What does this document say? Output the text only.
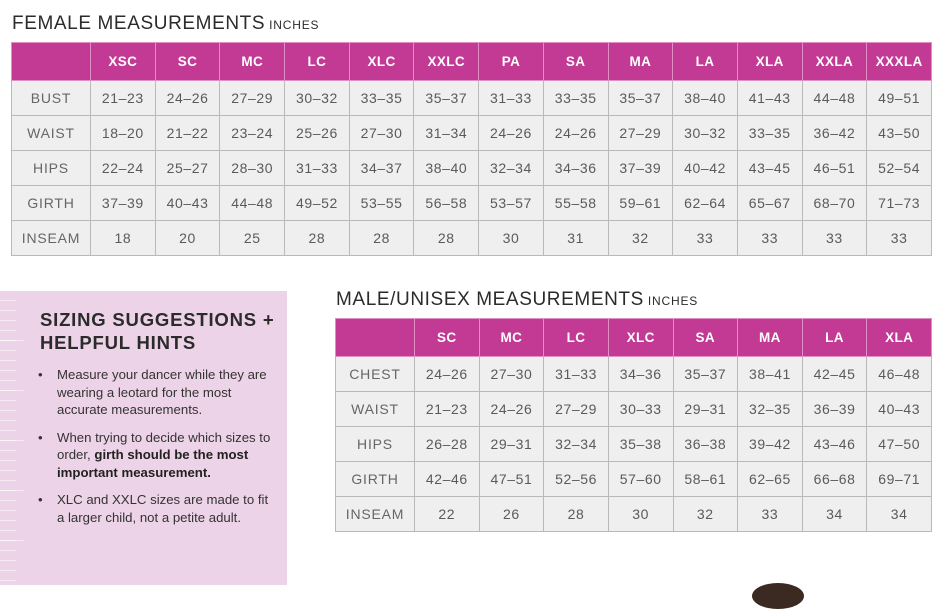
FEMALE MEASUREMENTS INCHES
	XSC	SC	MC	LC	XLC	XXLC	PA	SA	MA	LA	XLA	XXLA	XXXLA
BUST	21–23	24–26	27–29	30–32	33–35	35–37	31–33	33–35	35–37	38–40	41–43	44–48	49–51
WAIST	18–20	21–22	23–24	25–26	27–30	31–34	24–26	24–26	27–29	30–32	33–35	36–42	43–50
HIPS	22–24	25–27	28–30	31–33	34–37	38–40	32–34	34–36	37–39	40–42	43–45	46–51	52–54
GIRTH	37–39	40–43	44–48	49–52	53–55	56–58	53–57	55–58	59–61	62–64	65–67	68–70	71–73
INSEAM	18	20	25	28	28	28	30	31	32	33	33	33	33
SIZING SUGGESTIONS + HELPFUL HINTS
• Measure your dancer while they are wearing a leotard for the most accurate measurements.
• When trying to decide which sizes to order, girth should be the most important measurement.
• XLC and XXLC sizes are made to fit a larger child, not a petite adult.
MALE/UNISEX MEASUREMENTS INCHES
	SC	MC	LC	XLC	SA	MA	LA	XLA
CHEST	24–26	27–30	31–33	34–36	35–37	38–41	42–45	46–48
WAIST	21–23	24–26	27–29	30–33	29–31	32–35	36–39	40–43
HIPS	26–28	29–31	32–34	35–38	36–38	39–42	43–46	47–50
GIRTH	42–46	47–51	52–56	57–60	58–61	62–65	66–68	69–71
INSEAM	22	26	28	30	32	33	34	34
